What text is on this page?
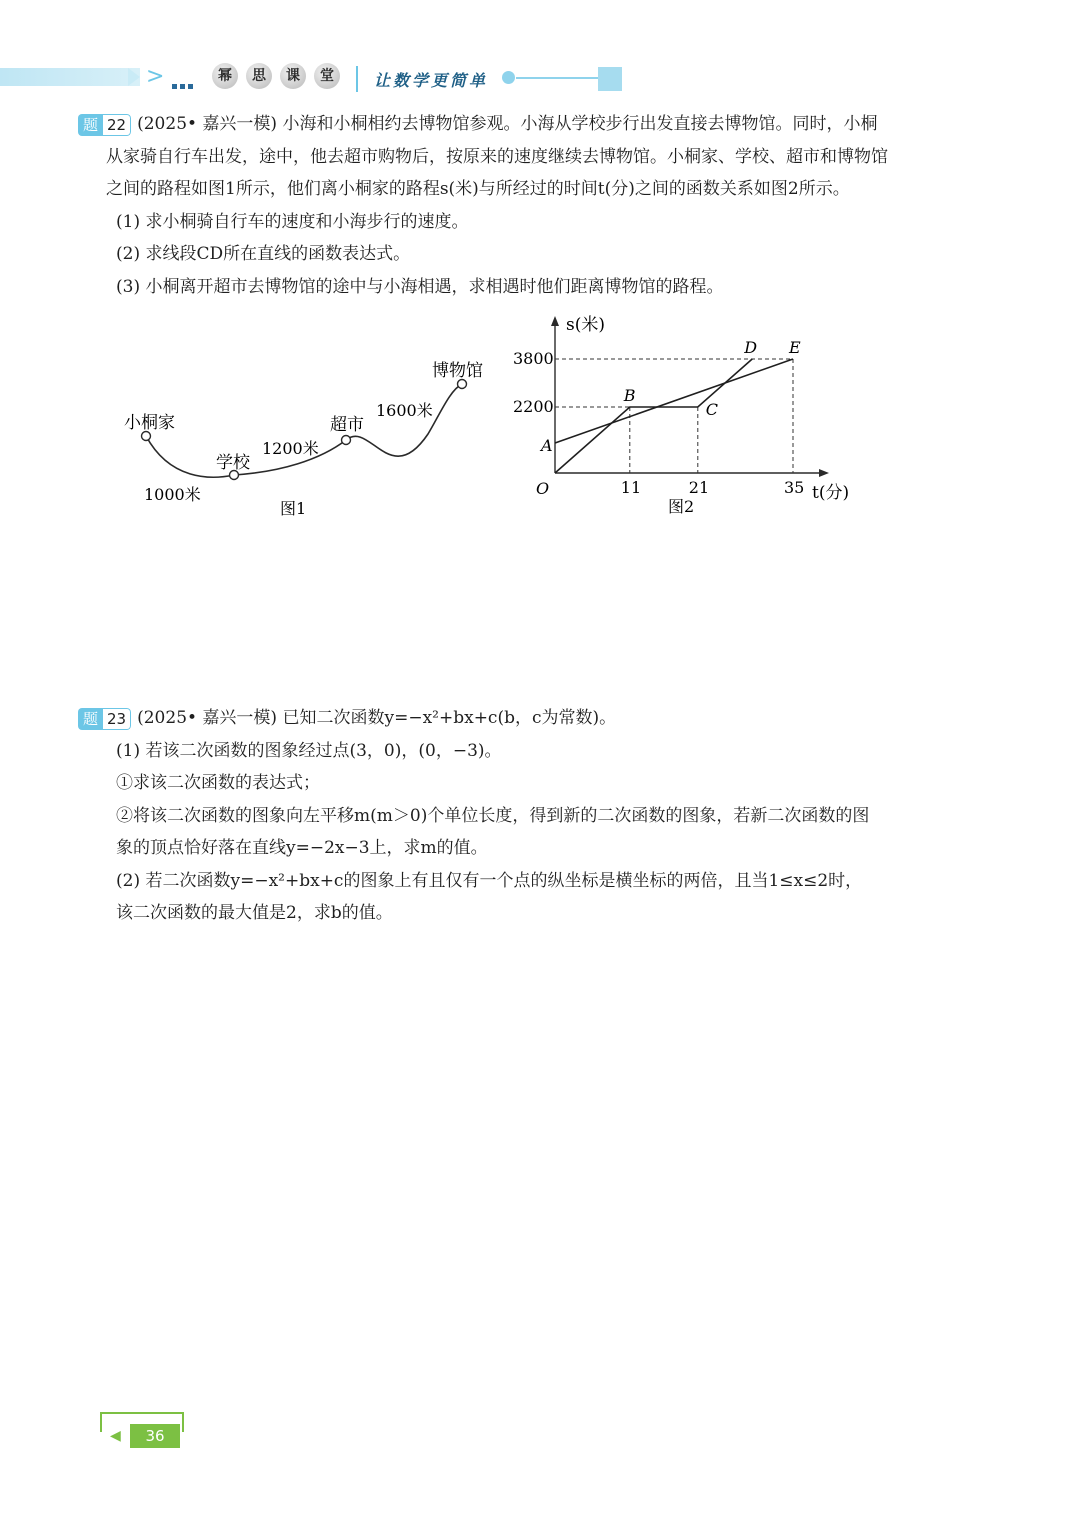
>	幂 思 课 堂	让数学更简单

题 22 (2025• 嘉兴一模) 小海和小桐相约去博物馆参观。小海从学校步行出发直接去博物馆。同时，小桐

从家骑自行车出发，途中，他去超市购物后，按原来的速度继续去博物馆。小桐家、学校、超市和博物馆

之间的路程如图1所示，他们离小桐家的路程s(米)与所经过的时间t(分)之间的函数关系如图2所示。

(1) 求小桐骑自行车的速度和小海步行的速度。

(2) 求线段CD所在直线的函数表达式。

(3) 小桐离开超市去博物馆的途中与小海相遇，求相遇时他们距离博物馆的路程。

小桐家
学校
超市
博物馆
1000米
1200米
1600米
图1
2200
3800
11	21	35
A
B
C
D E
s(米)
t(分)
O
图2

题 23 (2025• 嘉兴一模) 已知二次函数y=−x²+bx+c(b，c为常数)。

(1) 若该二次函数的图象经过点(3，0)，(0，−3)。

①求该二次函数的表达式；

②将该二次函数的图象向左平移m(m＞0)个单位长度，得到新的二次函数的图象，若新二次函数的图

象的顶点恰好落在直线y=−2x−3上，求m的值。

(2) 若二次函数y=−x²+bx+c的图象上有且仅有一个点的纵坐标是横坐标的两倍，且当1≤x≤2时，

该二次函数的最大值是2，求b的值。

◀	36
